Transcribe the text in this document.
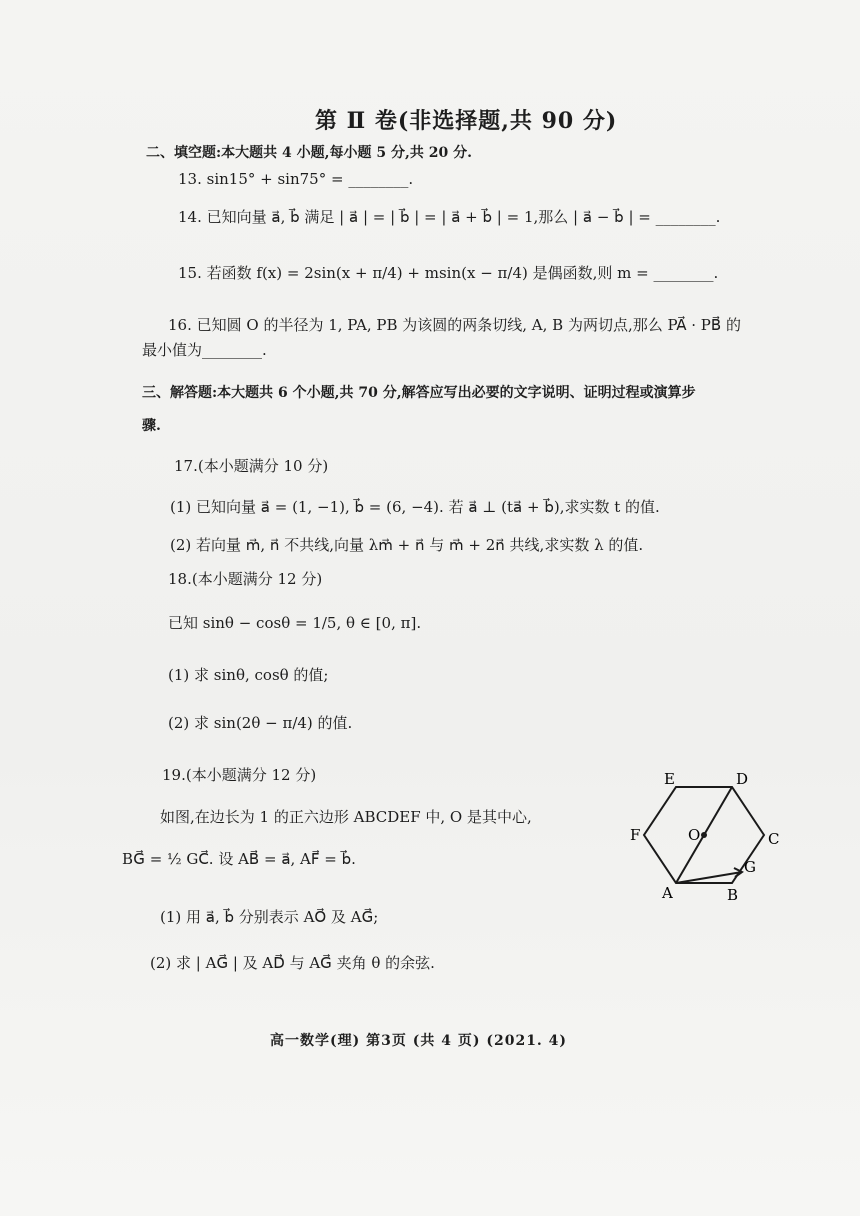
第 Ⅱ 卷(非选择题,共 90 分)
二、填空题:本大题共 4 小题,每小题 5 分,共 20 分.
13. sin15° + sin75° = ________.
14. 已知向量 a⃗, b⃗ 满足 | a⃗ | = | b⃗ | = | a⃗ + b⃗ | = 1,那么 | a⃗ − b⃗ | = ________.
15. 若函数 f(x) = 2sin(x + π/4) + msin(x − π/4) 是偶函数,则 m = ________.
16. 已知圆 O 的半径为 1, PA, PB 为该圆的两条切线, A, B 为两切点,那么 PA⃗ · PB⃗ 的
最小值为________.
三、解答题:本大题共 6 个小题,共 70 分,解答应写出必要的文字说明、证明过程或演算步
骤.
17.(本小题满分 10 分)
(1) 已知向量 a⃗ = (1, −1), b⃗ = (6, −4). 若 a⃗ ⊥ (ta⃗ + b⃗),求实数 t 的值.
(2) 若向量 m⃗, n⃗ 不共线,向量 λm⃗ + n⃗ 与 m⃗ + 2n⃗ 共线,求实数 λ 的值.
18.(本小题满分 12 分)
已知 sinθ − cosθ = 1/5, θ ∈ [0, π].
(1) 求 sinθ, cosθ 的值;
(2) 求 sin(2θ − π/4) 的值.
19.(本小题满分 12 分)
如图,在边长为 1 的正六边形 ABCDEF 中, O 是其中心,
BG⃗ = ½ GC⃗. 设 AB⃗ = a⃗, AF⃗ = b⃗.
(1) 用 a⃗, b⃗ 分别表示 AO⃗ 及 AG⃗;
(2) 求 | AG⃗ | 及 AD⃗ 与 AG⃗ 夹角 θ 的余弦.
E	D
F	O	C
G
A	B
高一数学(理) 第3页 (共 4 页) (2021. 4)
